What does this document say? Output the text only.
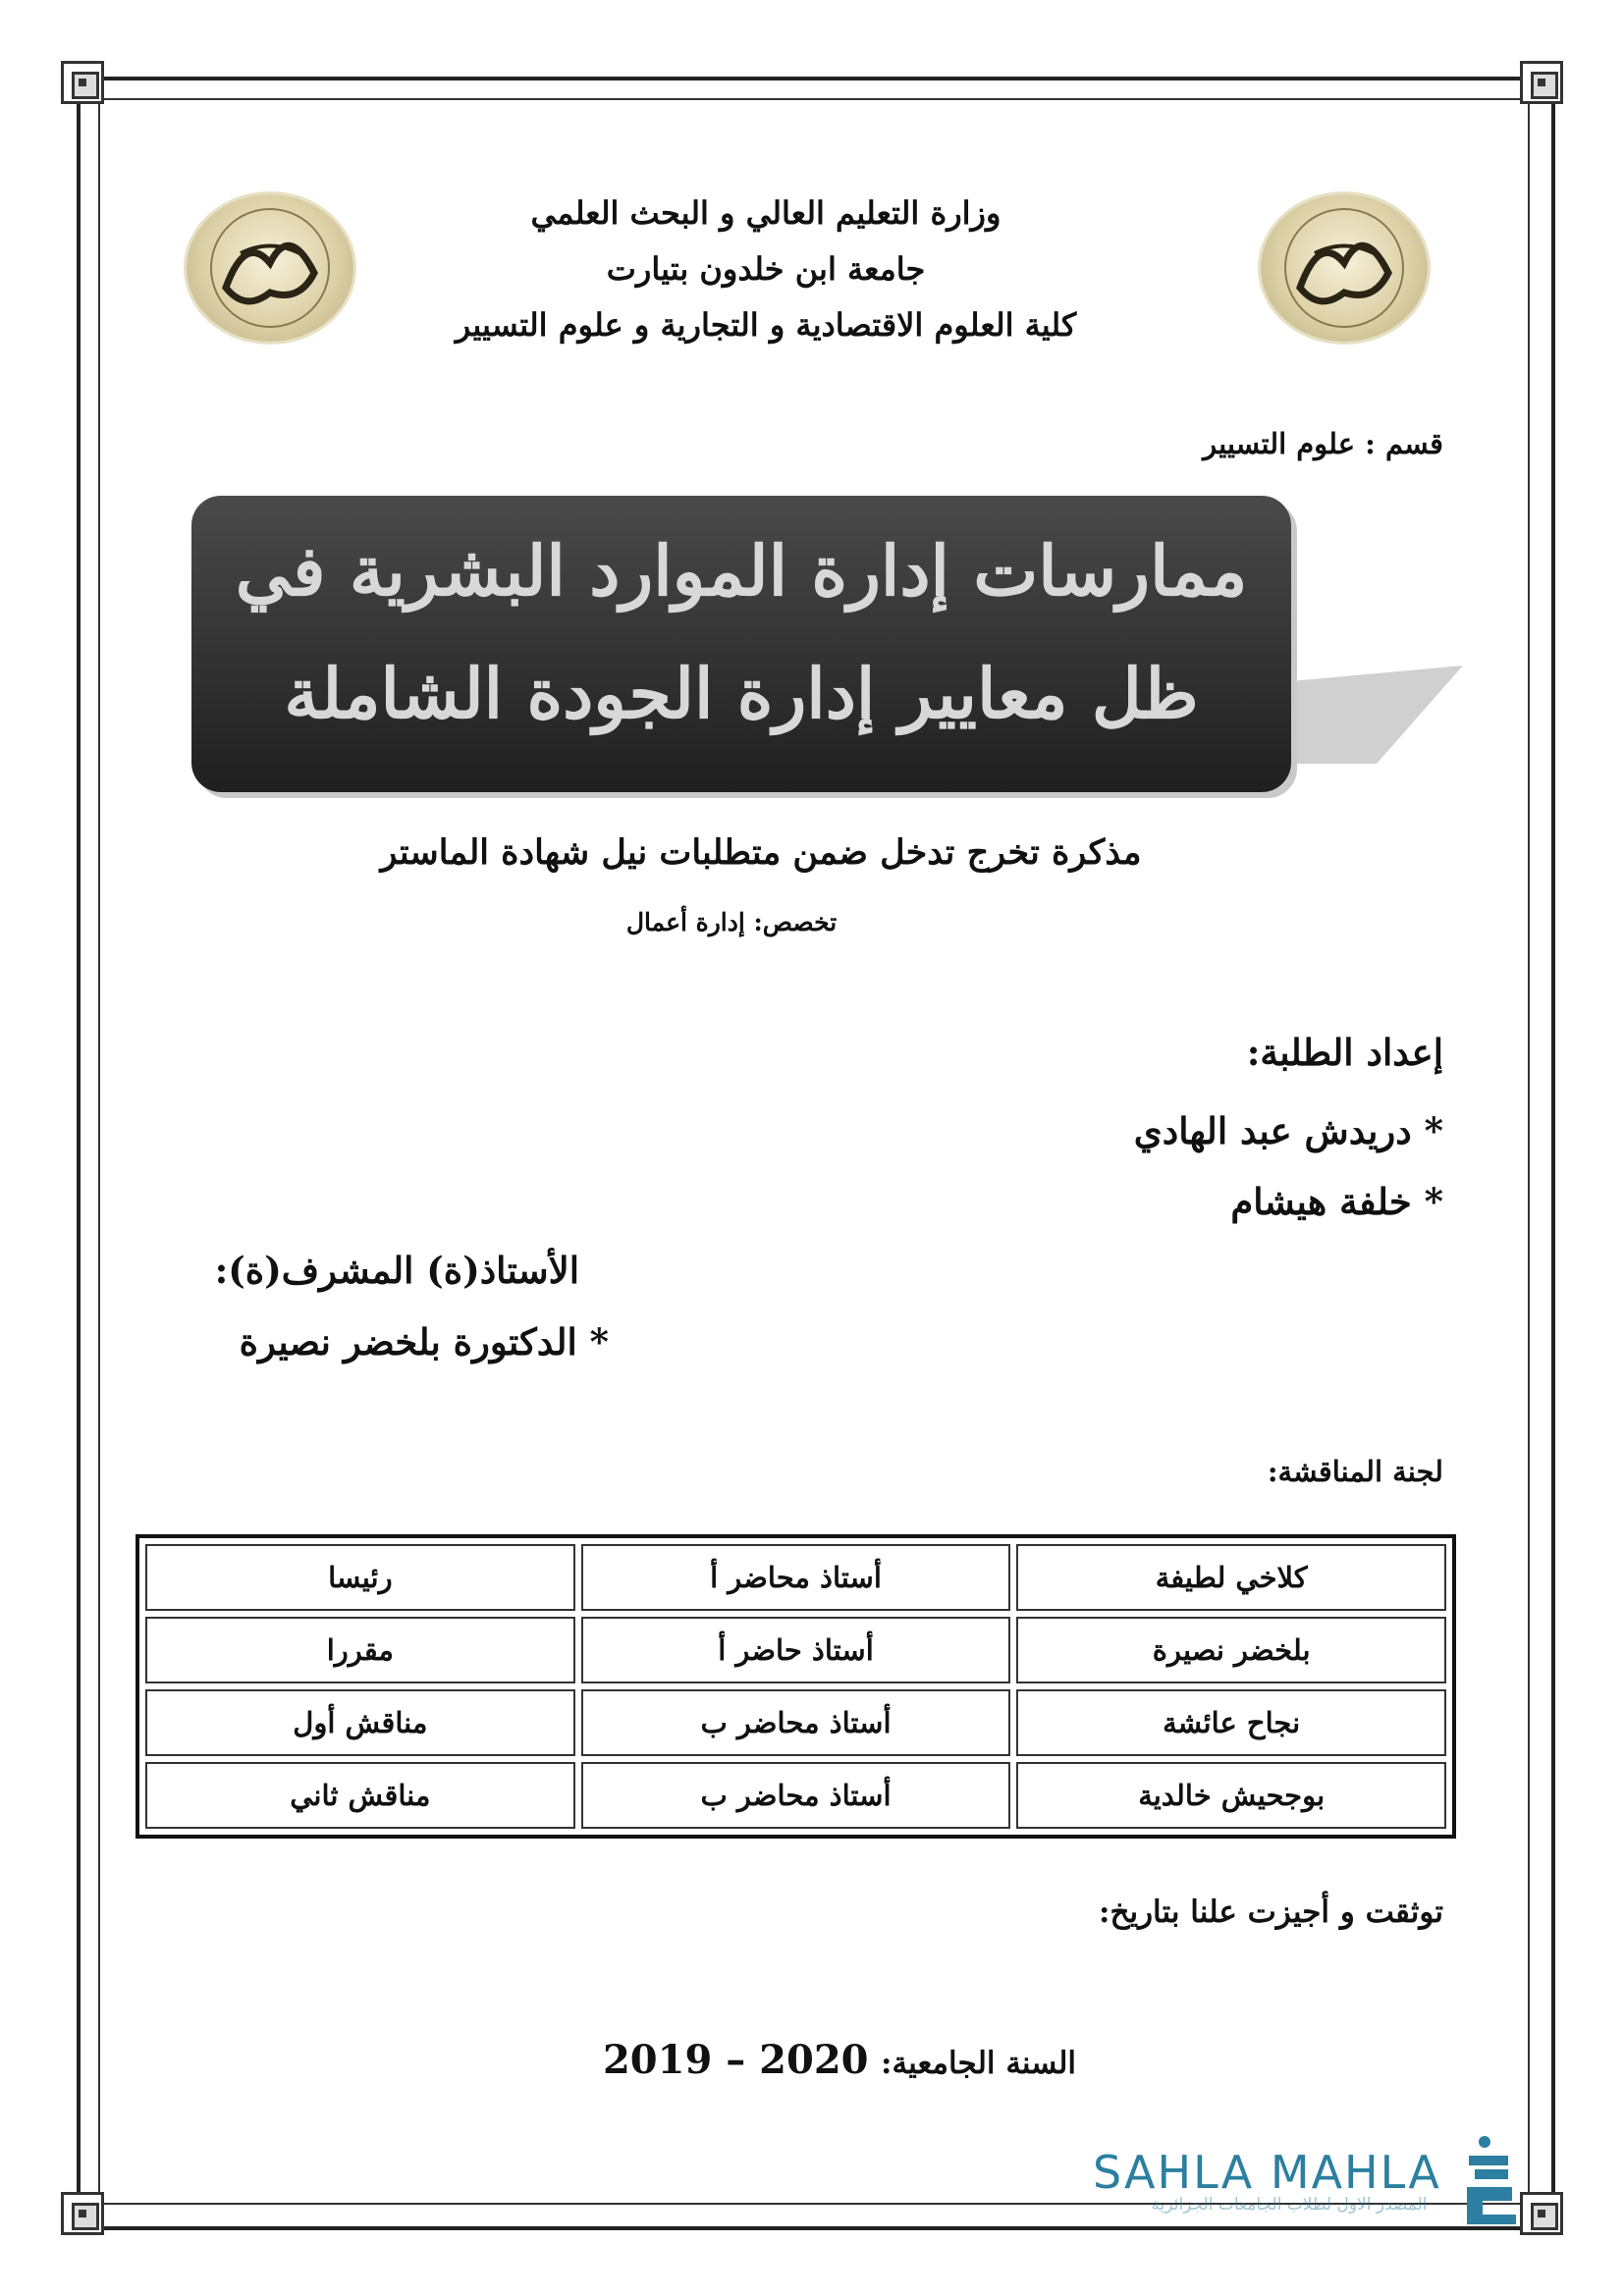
وزارة التعليم العالي و البحث العلمي
جامعة ابن خلدون بتيارت
كلية العلوم الاقتصادية و التجارية و علوم التسيير
قسم : علوم التسيير
ممارسات إدارة الموارد البشرية في
ظل معايير إدارة الجودة الشاملة
مذكرة تخرج تدخل ضمن متطلبات نيل شهادة الماستر
تخصص: إدارة أعمال
إعداد الطلبة:
* دريدش عبد الهادي
* خلفة هيشام
الأستاذ(ة) المشرف(ة):
* الدكتورة بلخضر نصيرة
لجنة المناقشة:
كلاخي لطيفة	أستاذ محاضر أ	رئيسا
بلخضر نصيرة	أستاذ حاضر أ	مقررا
نجاح عائشة	أستاذ محاضر ب	مناقش أول
بوجحيش خالدية	أستاذ محاضر ب	مناقش ثاني
توثقت و أجيزت علنا بتاريخ:
السنة الجامعية: 2019 – 2020
SAHLA MAHLA
المصدر الاول لطلاب الجامعات الجزائرية
